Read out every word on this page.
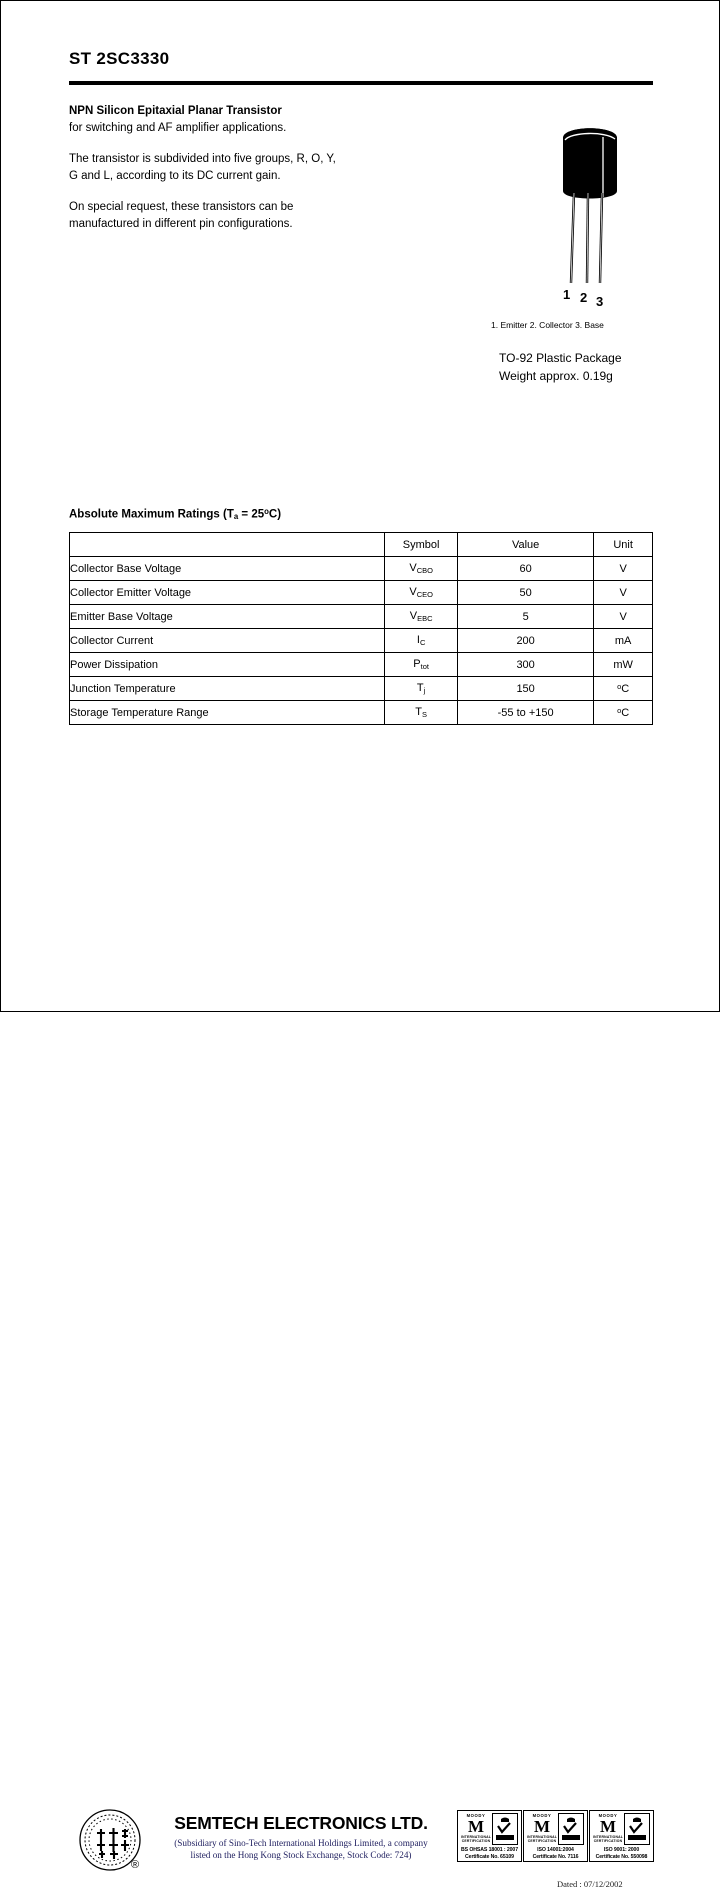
ST 2SC3330

NPN Silicon Epitaxial Planar Transistor
for switching and AF amplifier applications.

The transistor is subdivided into five groups, R, O, Y,
G and L, according to its DC current gain.

On special request, these transistors can be
manufactured in different pin configurations.

1 2 3
1. Emitter 2. Collector 3. Base
TO-92 Plastic Package
Weight approx. 0.19g
Absolute Maximum Ratings $(T_a = 25^oC)$
	Symbol	Value	Unit
Collector Base Voltage	$V_{CBO}$	60	V
Collector Emitter Voltage	$V_{CEO}$	50	V
Emitter Base Voltage	$V_{EBC}$	5	V
Collector Current	$I_C$	200	mA
Power Dissipation	$P_{tot}$	300	mW
Junction Temperature	$T_j$	150	$^o$C
Storage Temperature Range	$T_S$	-55 to +150	$^o$C
®
SEMTECH ELECTRONICS LTD.
(Subsidiary of Sino-Tech International Holdings Limited, a company
listed on the Hong Kong Stock Exchange, Stock Code: 724)
MOODY
M
INTERNATIONAL CERTIFICATION
BS OHSAS 18001 : 2007
Certificate No. 65109
MOODY
M
INTERNATIONAL CERTIFICATION
ISO 14001:2004
Certificate No. 7116
MOODY
M
INTERNATIONAL CERTIFICATION
ISO 9001: 2000
Certificate No. 550098
Dated : 07/12/2002
